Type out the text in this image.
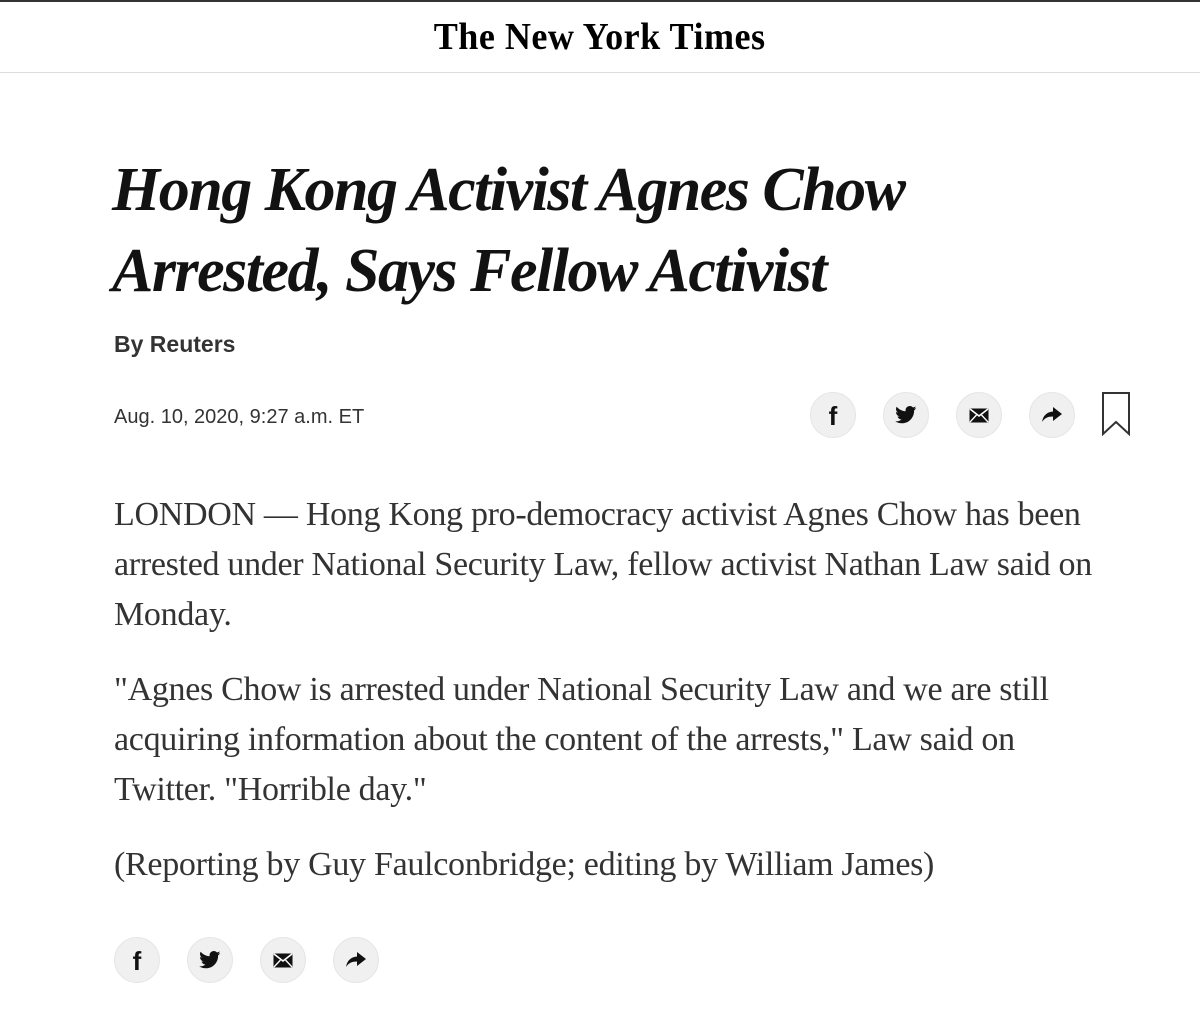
The New York Times
Hong Kong Activist Agnes Chow Arrested, Says Fellow Activist
By Reuters
Aug. 10, 2020, 9:27 a.m. ET	f

LONDON — Hong Kong pro-democracy activist Agnes Chow has been arrested under National Security Law, fellow activist Nathan Law said on Monday.

"Agnes Chow is arrested under National Security Law and we are still acquiring information about the content of the arrests," Law said on Twitter. "Horrible day."

(Reporting by Guy Faulconbridge; editing by William James)

f
